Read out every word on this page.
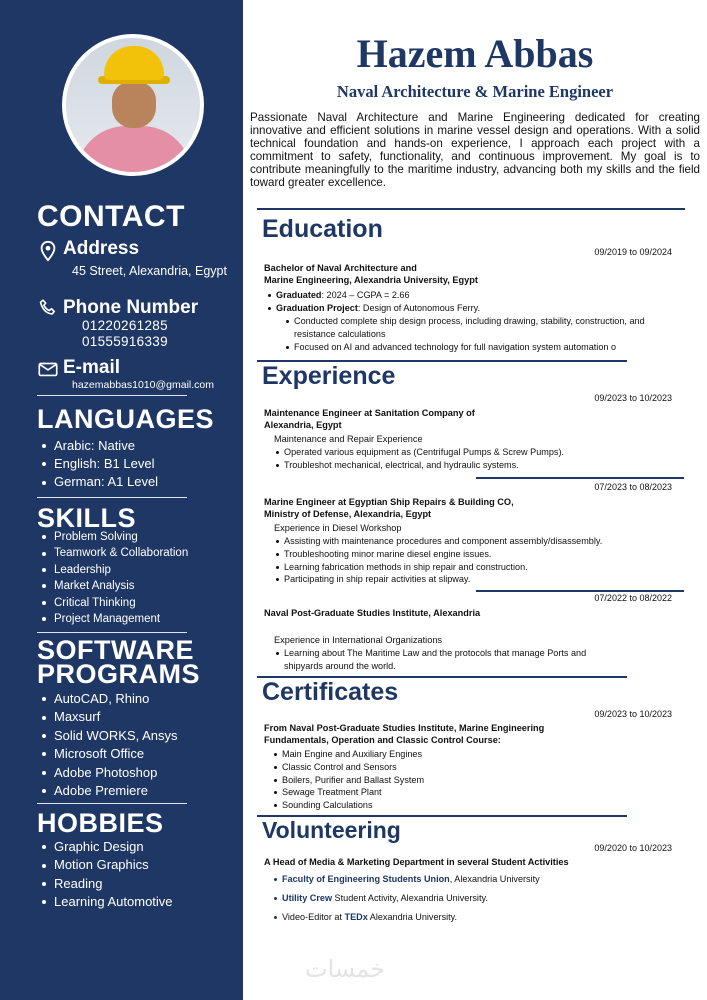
CONTACT
Address
45 Street, Alexandria, Egypt
Phone Number
01220261285
01555916339
E-mail
hazemabbas1010@gmail.com
LANGUAGES
Arabic: Native
English: B1 Level
German: A1 Level
SKILLS
Problem Solving
Teamwork & Collaboration
Leadership
Market Analysis
Critical Thinking
Project Management
SOFTWARE
PROGRAMS
AutoCAD, Rhino
Maxsurf
Solid WORKS, Ansys
Microsoft Office
Adobe Photoshop
Adobe Premiere
HOBBIES
Graphic Design
Motion Graphics
Reading
Learning Automotive
Hazem Abbas
Naval Architecture & Marine Engineer
Passionate Naval Architecture and Marine Engineering dedicated for creating innovative and efficient solutions in marine vessel design and operations. With a solid technical foundation and hands-on experience, I approach each project with a commitment to safety, functionality, and continuous improvement. My goal is to contribute meaningfully to the maritime industry, advancing both my skills and the field toward greater excellence.
Education
09/2019 to 09/2024
Bachelor of Naval Architecture and
Marine Engineering, Alexandria University, Egypt
Graduated: 2024 – CGPA = 2.66
Graduation Project: Design of Autonomous Ferry.
Conducted complete ship design process, including drawing, stability, construction, and resistance calculations
Focused on AI and advanced technology for full navigation system automation o
Experience
09/2023 to 10/2023
Maintenance Engineer at Sanitation Company of
Alexandria, Egypt
Maintenance and Repair Experience
Operated various equipment as (Centrifugal Pumps & Screw Pumps).
Troubleshot mechanical, electrical, and hydraulic systems.
07/2023 to 08/2023
Marine Engineer at Egyptian Ship Repairs & Building CO,
Ministry of Defense, Alexandria, Egypt
Experience in Diesel Workshop
Assisting with maintenance procedures and component assembly/disassembly.
Troubleshooting minor marine diesel engine issues.
Learning fabrication methods in ship repair and construction.
Participating in ship repair activities at slipway.
07/2022 to 08/2022
Naval Post-Graduate Studies Institute, Alexandria
Experience in International Organizations
Learning about The Maritime Law and the protocols that manage Ports and shipyards around the world.
Certificates
09/2023 to 10/2023
From Naval Post-Graduate Studies Institute, Marine Engineering
Fundamentals, Operation and Classic Control Course:
Main Engine and Auxiliary Engines
Classic Control and Sensors
Boilers, Purifier and Ballast System
Sewage Treatment Plant
Sounding Calculations
Volunteering
09/2020 to 10/2023
A Head of Media & Marketing Department in several Student Activities
Faculty of Engineering Students Union, Alexandria University
Utility Crew Student Activity, Alexandria University.
Video-Editor at TEDx Alexandria University.
خمسات
